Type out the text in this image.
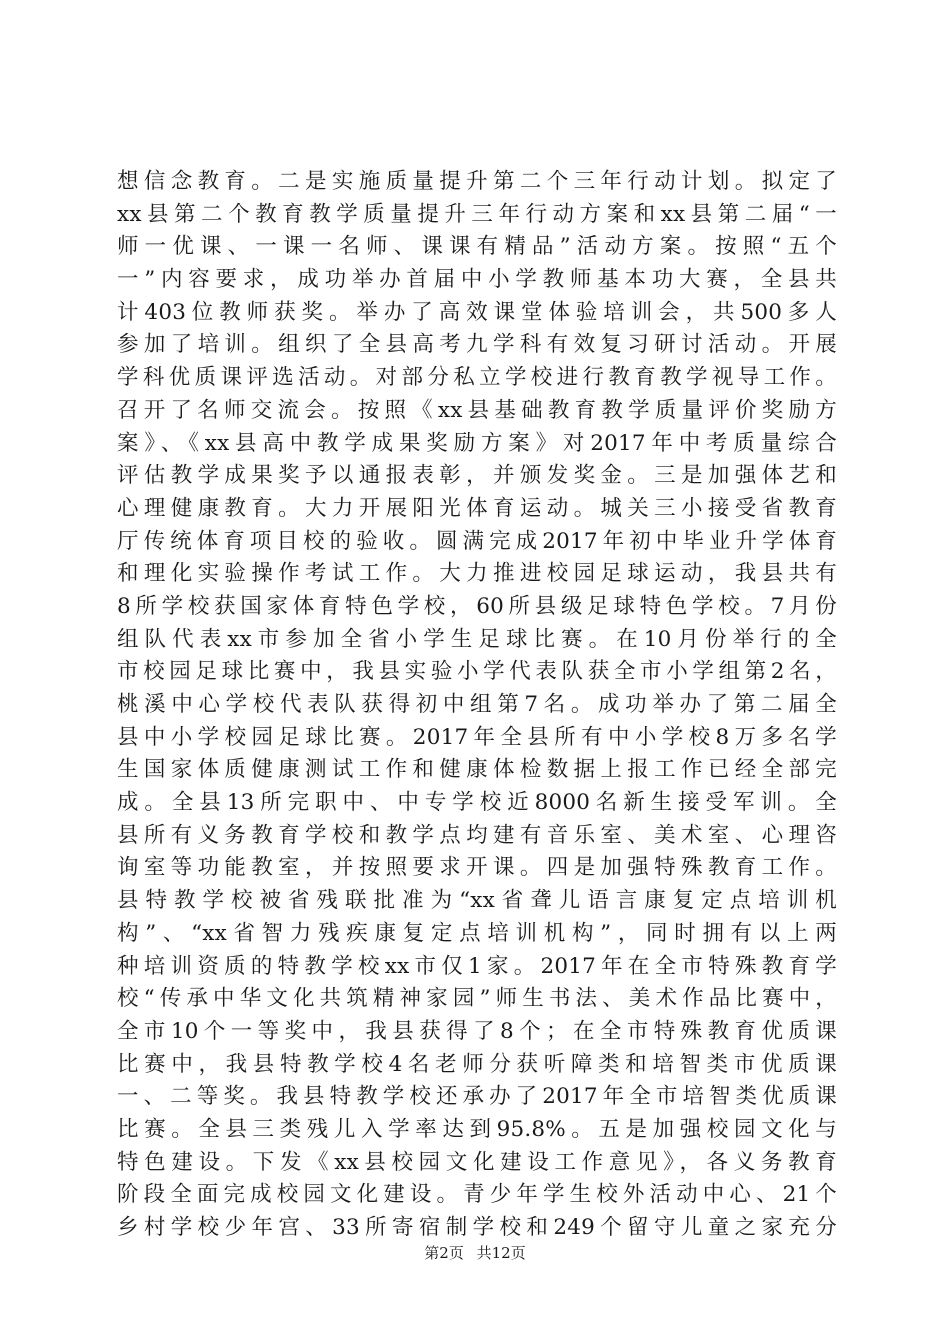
想信念教育。二是实施质量提升第二个三年行动计划。拟定了
xx县第二个教育教学质量提升三年行动方案和xx县第二届“一
师一优课、一课一名师、课课有精品”活动方案。按照“五个
一”内容要求，成功举办首届中小学教师基本功大赛，全县共
计403位教师获奖。举办了高效课堂体验培训会，共500多人
参加了培训。组织了全县高考九学科有效复习研讨活动。开展
学科优质课评选活动。对部分私立学校进行教育教学视导工作。
召开了名师交流会。按照《xx县基础教育教学质量评价奖励方
案》、《xx县高中教学成果奖励方案》对2017年中考质量综合
评估教学成果奖予以通报表彰，并颁发奖金。三是加强体艺和
心理健康教育。大力开展阳光体育运动。城关三小接受省教育
厅传统体育项目校的验收。圆满完成2017年初中毕业升学体育
和理化实验操作考试工作。大力推进校园足球运动，我县共有
8所学校获国家体育特色学校，60所县级足球特色学校。7月份
组队代表xx市参加全省小学生足球比赛。在10月份举行的全
市校园足球比赛中，我县实验小学代表队获全市小学组第2名，
桃溪中心学校代表队获得初中组第7名。成功举办了第二届全
县中小学校园足球比赛。2017年全县所有中小学校8万多名学
生国家体质健康测试工作和健康体检数据上报工作已经全部完
成。全县13所完职中、中专学校近8000名新生接受军训。全
县所有义务教育学校和教学点均建有音乐室、美术室、心理咨
询室等功能教室，并按照要求开课。四是加强特殊教育工作。
县特教学校被省残联批准为“xx省聋儿语言康复定点培训机
构”、“xx省智力残疾康复定点培训机构”，同时拥有以上两
种培训资质的特教学校xx市仅1家。2017年在全市特殊教育学
校“传承中华文化共筑精神家园”师生书法、美术作品比赛中，
全市10个一等奖中，我县获得了8个；在全市特殊教育优质课
比赛中，我县特教学校4名老师分获听障类和培智类市优质课
一、二等奖。我县特教学校还承办了2017年全市培智类优质课
比赛。全县三类残儿入学率达到95.8%。五是加强校园文化与
特色建设。下发《xx县校园文化建设工作意见》，各义务教育
阶段全面完成校园文化建设。青少年学生校外活动中心、21个
乡村学校少年宫、33所寄宿制学校和249个留守儿童之家充分
第2页 共12页
